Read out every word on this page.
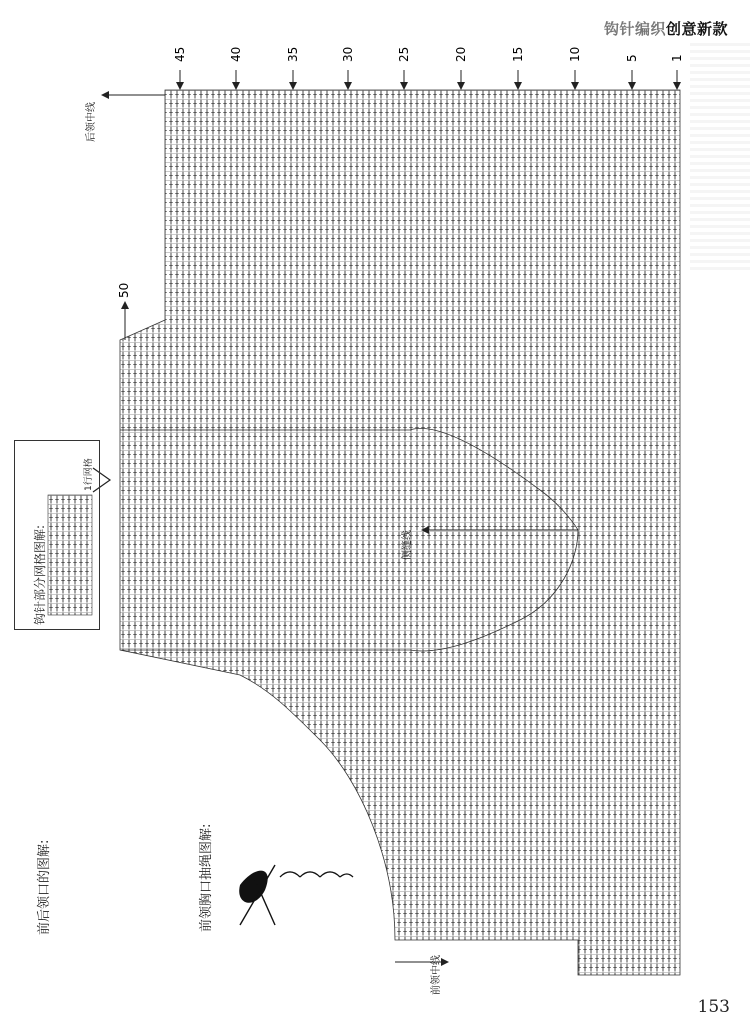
钩针编织 创意新款
1
5
10
15
20
25
30
35
40
45
50
后领中线
侧缝线
前领中线
前后领口的图解:	前领胸口抽绳图解:
钩针部分网格图解:
1行网格
153
